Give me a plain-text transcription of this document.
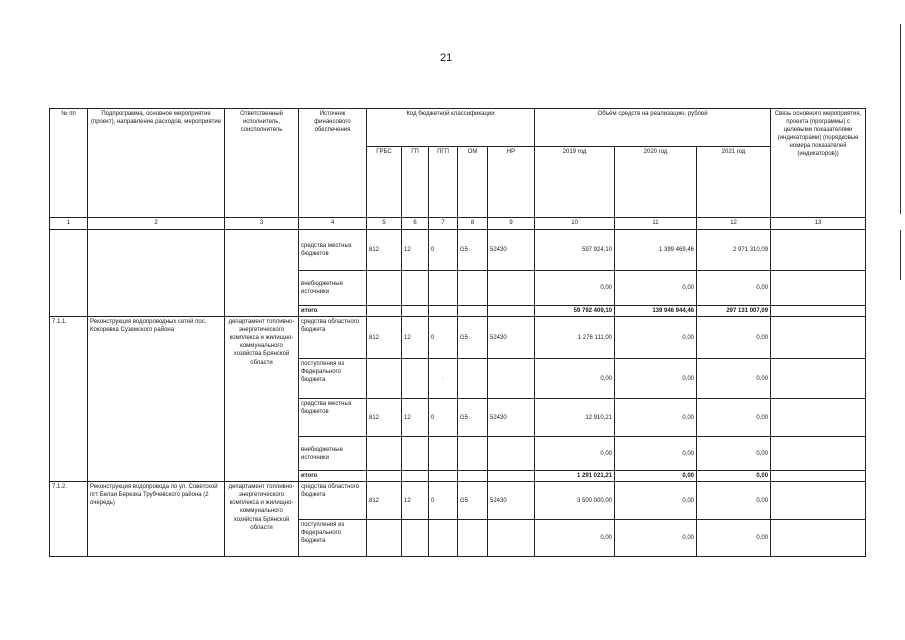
21
№ пп	Подпрограмма, основное мероприятие (проект), направление расходов, мероприятие	Ответственный исполнитель, соисполнитель	Источник финансового обеспечения	Код бюджетной классификации					Объём средств на реализацию, рублей			Связь основного мероприятия, проекта (программы) с целевыми показателями (индикаторами) (порядковые номера показателей (индикаторов))
				ГРБС	ГП	ПГП	ОМ	НР	2019 год	2020 год	2021 год	
1	2	3	4	5	6	7	8	9	10	11	12	13
			средства местных бюджетов	812	12	0	G5	52430	597 924,10	1 399 469,46	2 971 310,09	
			внебюджетные источники						0,00	0,00	0,00	
			итого						59 792 409,10	139 946 944,46	297 131 007,09	
7.1.1.	Реконструкция водопроводных сетей пос. Кокоревка Суземского района	департамент топливно-энергетического комплекса и жилищно-коммунального хозяйства Брянской области	средства областного бюджета	812	12	0	G5	52430	1 276 111,00	0,00	0,00	
			поступления из Федерального бюджета			·			0,00	0,00	0,00	
			средства местных бюджетов	812	12	0	G5	52430	12 910,21	0,00	0,00	
			внебюджетные источники						0,00	0,00	0,00	
			итого						1 291 021,21	0,00	0,00	
7.1.2.	Реконструкция водопровода по ул. Советской пгт Белая Березка Трубчевского района (2 очередь)	департамент топливно-энергетического комплекса и жилищно-коммунального хозяйства Брянской области	средства областного бюджета	812	12	0	G5	52430	3 500 000,00	0,00	0,00	
			поступления из Федерального бюджета						0,00	0,00	0,00	
